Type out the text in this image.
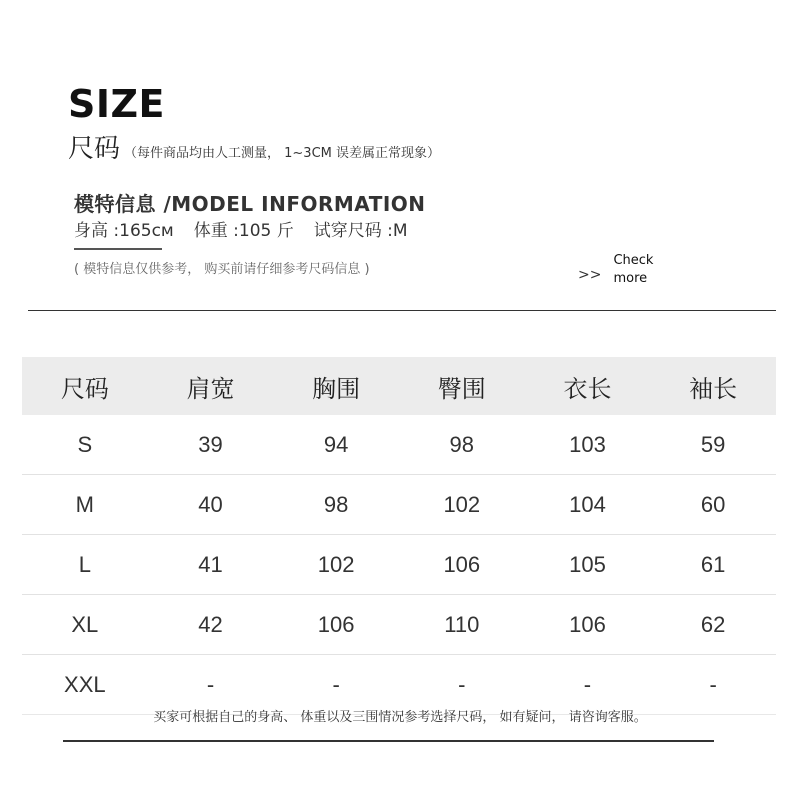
SIZE
尺码 （每件商品均由人工测量， 1~3CM 误差属正常现象）
模特信息 /MODEL INFORMATION
身高 :165cм 体重 :105 斤 试穿尺码 :M
( 模特信息仅供参考， 购买前请仔细参考尺码信息 )	>>
Check
more
尺码	肩宽	胸围	臀围	衣长	袖长
S	39	94	98	103	59
M	40	98	102	104	60
L	41	102	106	105	61
XL	42	106	110	106	62
XXL	-	-	-	-	-
买家可根据自己的身高、 体重以及三围情况参考选择尺码， 如有疑问， 请咨询客服。
